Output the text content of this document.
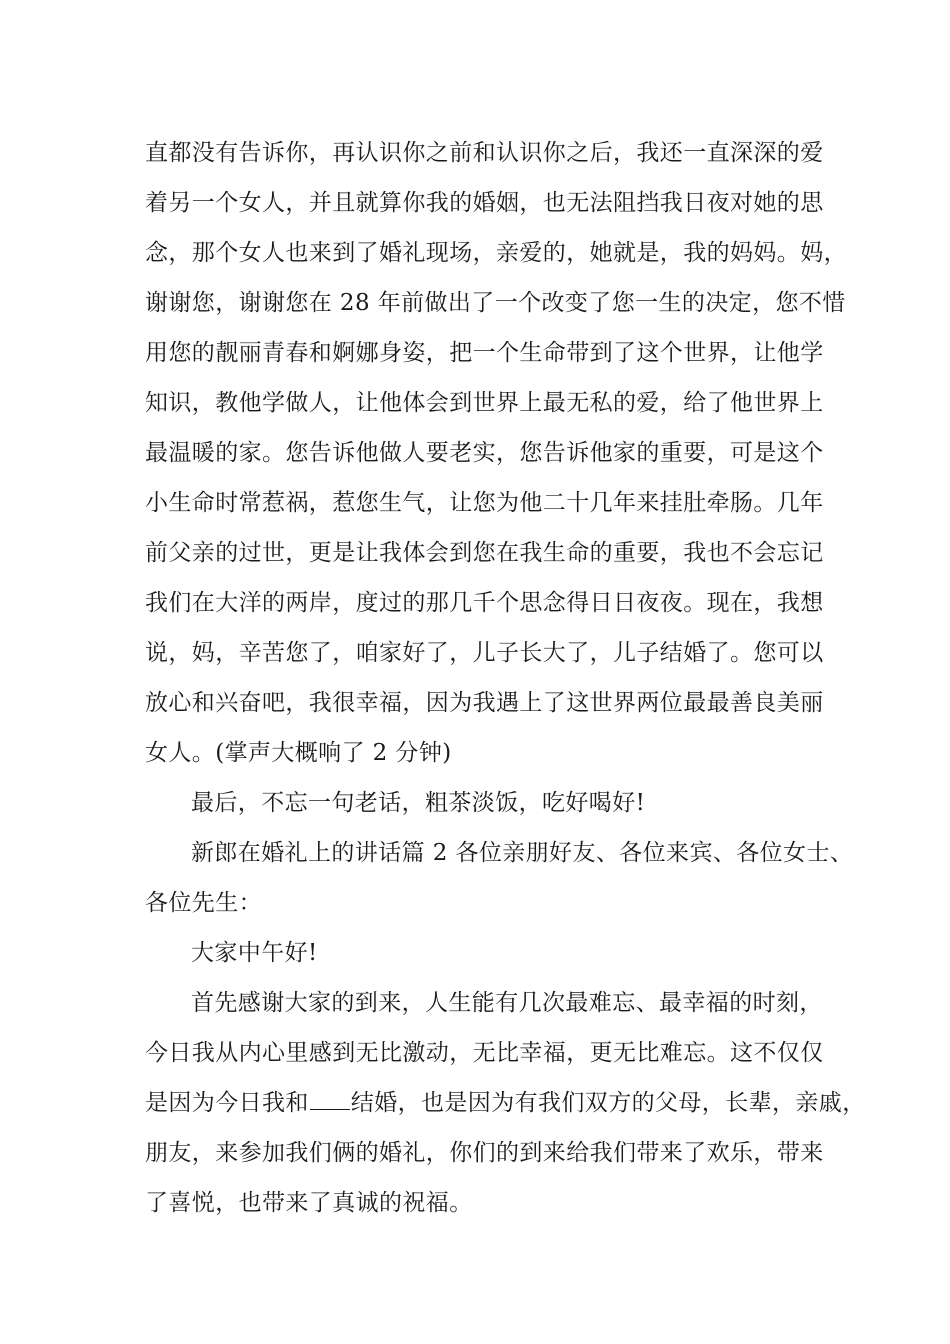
直都没有告诉你，再认识你之前和认识你之后，我还一直深深的爱
着另一个女人，并且就算你我的婚姻，也无法阻挡我日夜对她的思
念，那个女人也来到了婚礼现场，亲爱的，她就是，我的妈妈。妈，
谢谢您，谢谢您在 28 年前做出了一个改变了您一生的决定，您不惜
用您的靓丽青春和婀娜身姿，把一个生命带到了这个世界，让他学
知识，教他学做人，让他体会到世界上最无私的爱，给了他世界上
最温暖的家。您告诉他做人要老实，您告诉他家的重要，可是这个
小生命时常惹祸，惹您生气，让您为他二十几年来挂肚牵肠。几年
前父亲的过世，更是让我体会到您在我生命的重要，我也不会忘记
我们在大洋的两岸，度过的那几千个思念得日日夜夜。现在，我想
说，妈，辛苦您了，咱家好了，儿子长大了，儿子结婚了。您可以
放心和兴奋吧，我很幸福，因为我遇上了这世界两位最最善良美丽
女人。(掌声大概响了 2 分钟)
最后，不忘一句老话，粗茶淡饭，吃好喝好!
新郎在婚礼上的讲话篇 2 各位亲朋好友、各位来宾、各位女士、
各位先生：
大家中午好!
首先感谢大家的到来，人生能有几次最难忘、最幸福的时刻，
今日我从内心里感到无比激动，无比幸福，更无比难忘。这不仅仅
是因为今日我和 结婚，也是因为有我们双方的父母，长辈，亲戚，
朋友，来参加我们俩的婚礼，你们的到来给我们带来了欢乐，带来
了喜悦，也带来了真诚的祝福。
